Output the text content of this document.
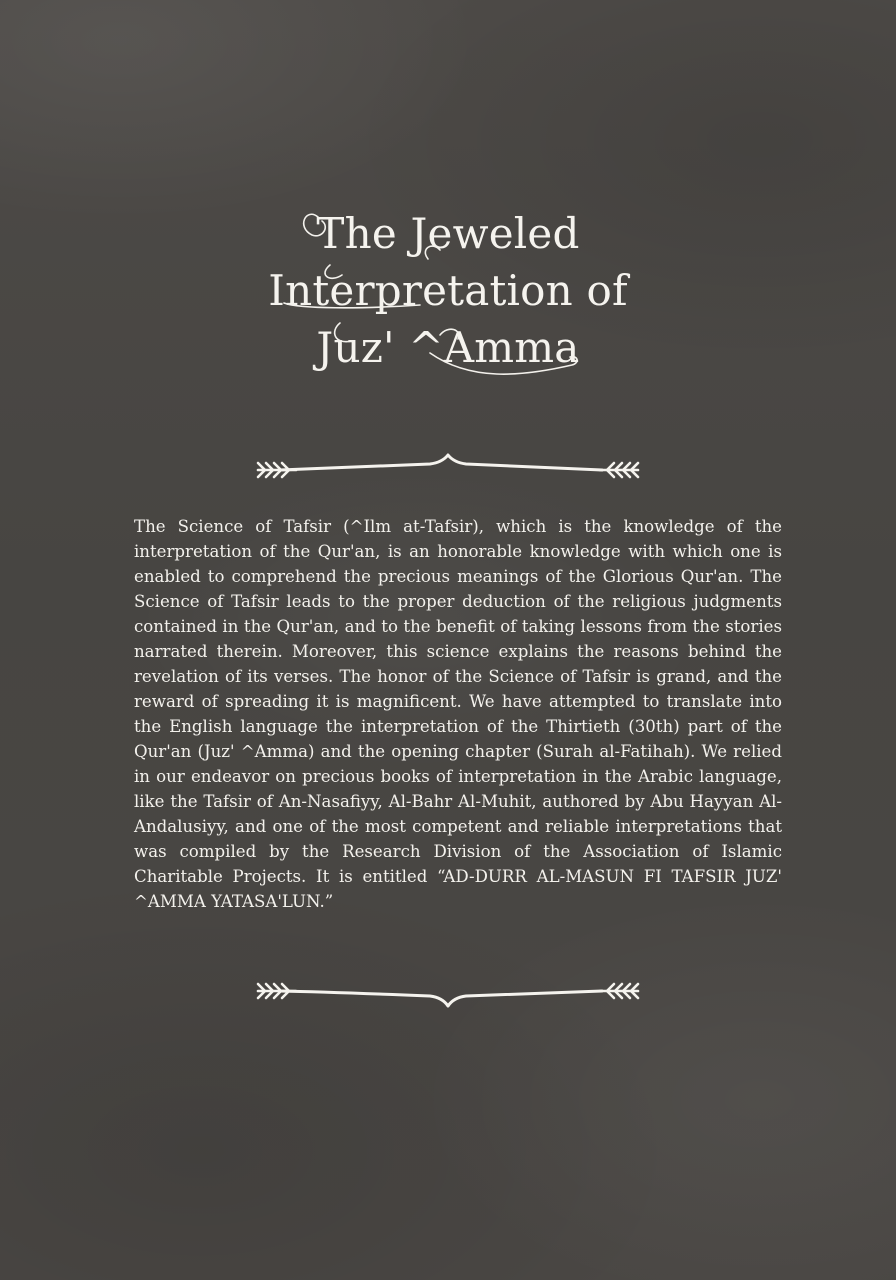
The Jeweled
Interpretation of
Juz' ^Amma

The Science of Tafsir (^Ilm at-Tafsir), which is the knowledge of the interpretation of the Qur'an, is an honorable knowledge with which one is enabled to comprehend the precious meanings of the Glorious Qur'an. The Science of Tafsir leads to the proper deduction of the religious judgments contained in the Qur'an, and to the benefit of taking lessons from the stories narrated therein. Moreover, this science explains the reasons behind the revelation of its verses. The honor of the Science of Tafsir is grand, and the reward of spreading it is magnificent. We have attempted to translate into the English language the interpretation of the Thirtieth (30th) part of the Qur'an (Juz' ^Amma) and the opening chapter (Surah al-Fatihah). We relied in our endeavor on precious books of interpretation in the Arabic language, like the Tafsir of An-Nasafiyy, Al-Bahr Al-Muhit, authored by Abu Hayyan Al-Andalusiyy, and one of the most competent and reliable interpretations that was compiled by the Research Division of the Association of Islamic Charitable Projects. It is entitled “AD-DURR AL-MASUN FI TAFSIR JUZ' ^AMMA YATASA'LUN.”
